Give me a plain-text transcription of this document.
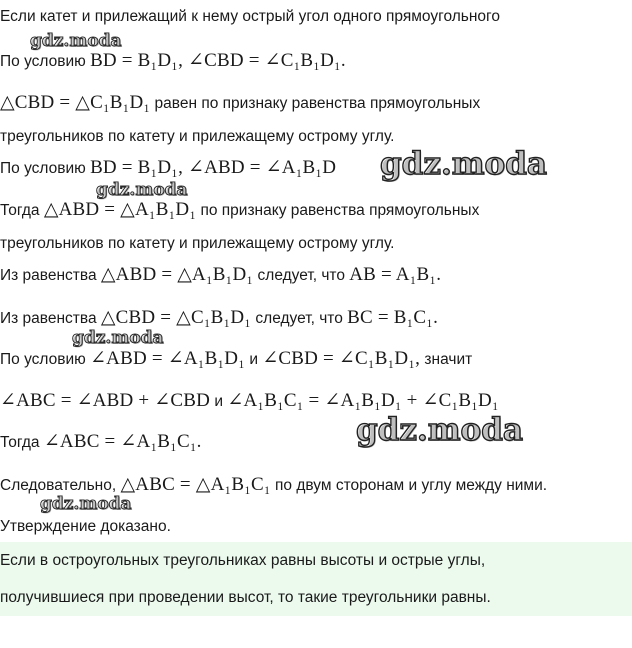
Если катет и прилежащий к нему острый угол одного прямоугольного
По условию BD = B₁D₁, ∠CBD = ∠C₁B₁D₁.
△CBD = △C₁B₁D₁ равен по признаку равенства прямоугольных
треугольников по катету и прилежащему острому углу.
По условию BD = B₁D₁, ∠ABD = ∠A₁B₁D
Тогда △ABD = △A₁B₁D₁ по признаку равенства прямоугольных
треугольников по катету и прилежащему острому углу.
Из равенства △ABD = △A₁B₁D₁ следует, что AB = A₁B₁.
Из равенства △CBD = △C₁B₁D₁ следует, что BC = B₁C₁.
По условию ∠ABD = ∠A₁B₁D₁ и ∠CBD = ∠C₁B₁D₁, значит
∠ABC = ∠ABD + ∠CBD и ∠A₁B₁C₁ = ∠A₁B₁D₁ + ∠C₁B₁D₁
Тогда ∠ABC = ∠A₁B₁C₁.
Следовательно, △ABC = △A₁B₁C₁ по двум сторонам и углу между ними.
Утверждение доказано.
Если в остроугольных треугольниках равны высоты и острые углы,
получившиеся при проведении высот, то такие треугольники равны.
gdz.moda
gdz.moda
gdz.moda
gdz.moda
gdz.moda
gdz.moda
